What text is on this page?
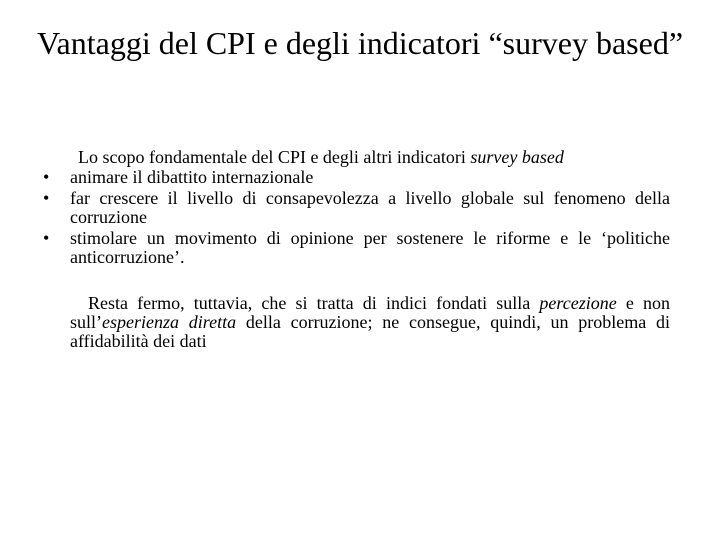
Vantaggi del CPI e degli indicatori “survey based”

Lo scopo fondamentale del CPI e degli altri indicatori survey based

• animare il dibattito internazionale
• far crescere il livello di consapevolezza a livello globale sul fenomeno della corruzione
• stimolare un movimento di opinione per sostenere le riforme e le ‘politiche anticorruzione’.

Resta fermo, tuttavia, che si tratta di indici fondati sulla percezione e non sull’esperienza diretta della corruzione; ne consegue, quindi, un problema di affidabilità dei dati
